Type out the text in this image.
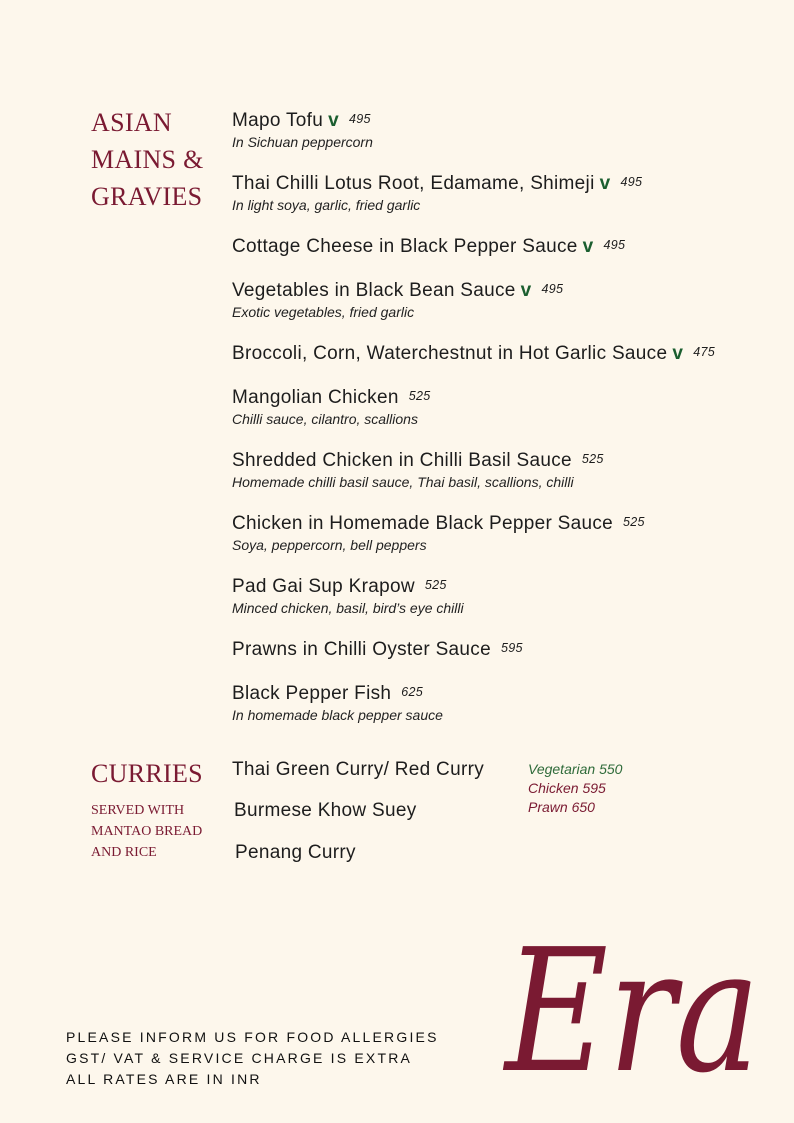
ASIAN
MAINS &
GRAVIES
Mapo Tofu v 495
In Sichuan peppercorn
Thai Chilli Lotus Root, Edamame, Shimeji v 495
In light soya, garlic, fried garlic
Cottage Cheese in Black Pepper Sauce v 495
Vegetables in Black Bean Sauce v 495
Exotic vegetables, fried garlic
Broccoli, Corn, Waterchestnut in Hot Garlic Sauce v 475
Mangolian Chicken 525
Chilli sauce, cilantro, scallions
Shredded Chicken in Chilli Basil Sauce 525
Homemade chilli basil sauce, Thai basil, scallions, chilli
Chicken in Homemade Black Pepper Sauce 525
Soya, peppercorn, bell peppers
Pad Gai Sup Krapow 525
Minced chicken, basil, bird’s eye chilli
Prawns in Chilli Oyster Sauce 595
Black Pepper Fish 625
In homemade black pepper sauce
CURRIES
SERVED WITH
MANTAO BREAD
AND RICE
Thai Green Curry/ Red Curry
Burmese Khow Suey
Penang Curry
Vegetarian 550
Chicken 595
Prawn 650
PLEASE INFORM US FOR FOOD ALLERGIES
GST/ VAT & SERVICE CHARGE IS EXTRA
ALL RATES ARE IN INR	Era
